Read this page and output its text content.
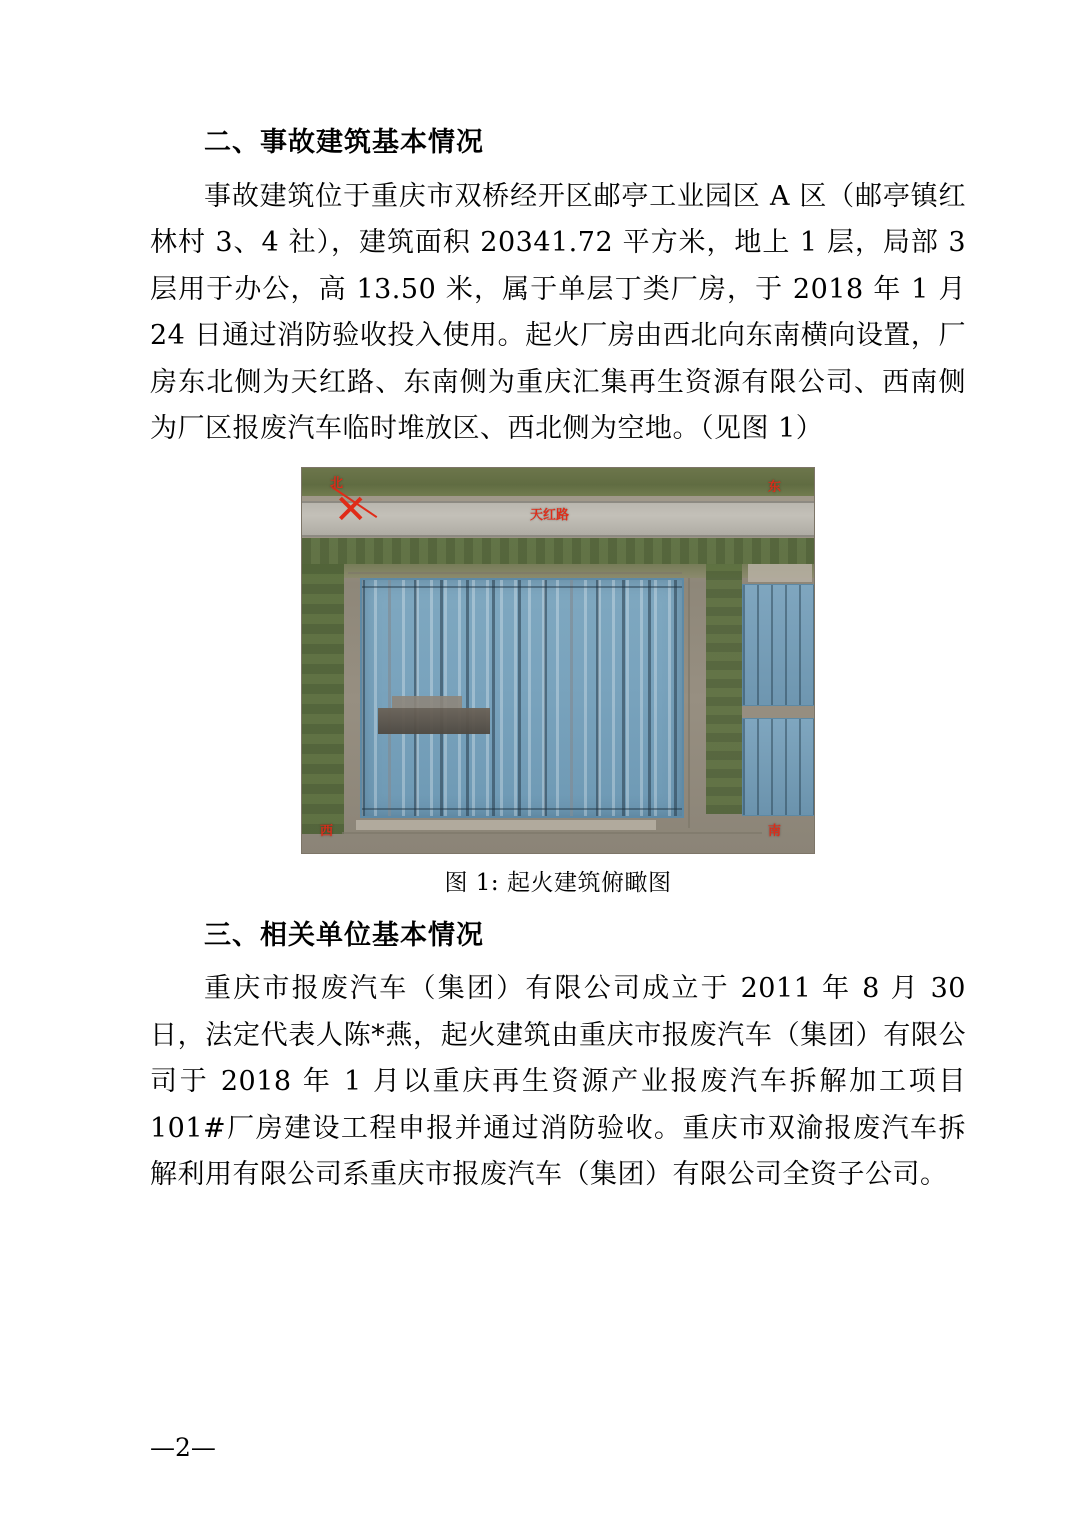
二、事故建筑基本情况

事故建筑位于重庆市双桥经开区邮亭工业园区 A 区（邮亭镇红林村 3、4 社），建筑面积 20341.72 平方米，地上 1 层，局部 3 层用于办公，高 13.50 米，属于单层丁类厂房，于 2018 年 1 月 24 日通过消防验收投入使用。起火厂房由西北向东南横向设置，厂房东北侧为天红路、东南侧为重庆汇集再生资源有限公司、西南侧为厂区报废汽车临时堆放区、西北侧为空地。（见图 1）

✕
北	东
西	南
天红路
图 1: 起火建筑俯瞰图
三、相关单位基本情况

重庆市报废汽车（集团）有限公司成立于 2011 年 8 月 30 日，法定代表人陈*燕，起火建筑由重庆市报废汽车（集团）有限公司于 2018 年 1 月以重庆再生资源产业报废汽车拆解加工项目 101#厂房建设工程申报并通过消防验收。重庆市双渝报废汽车拆解利用有限公司系重庆市报废汽车（集团）有限公司全资子公司。

—2—
